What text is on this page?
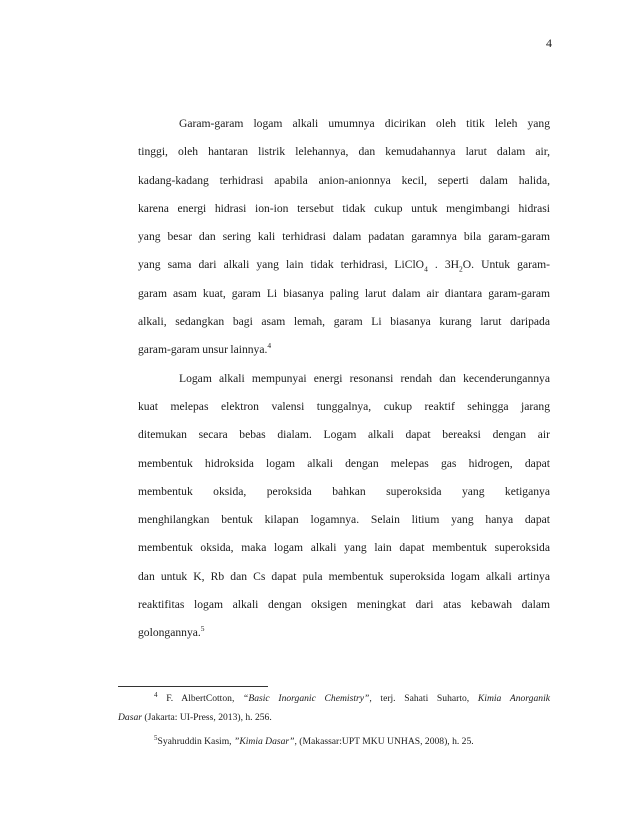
4
Garam-garam logam alkali umumnya dicirikan oleh titik leleh yang
tinggi, oleh hantaran listrik lelehannya, dan kemudahannya larut dalam air,
kadang-kadang terhidrasi apabila anion-anionnya kecil, seperti dalam halida,
karena energi hidrasi ion-ion tersebut tidak cukup untuk mengimbangi hidrasi
yang besar dan sering kali terhidrasi dalam padatan garamnya bila garam-garam
yang sama dari alkali yang lain tidak terhidrasi, LiClO$_4$ . $3H_2O$. Untuk garam-
garam asam kuat, garam Li biasanya paling larut dalam air diantara garam-garam
alkali, sedangkan bagi asam lemah, garam Li biasanya kurang larut daripada
garam-garam unsur lainnya.$^4$
Logam alkali mempunyai energi resonansi rendah dan kecenderungannya
kuat melepas elektron valensi tunggalnya, cukup reaktif sehingga jarang
ditemukan secara bebas dialam. Logam alkali dapat bereaksi dengan air
membentuk hidroksida logam alkali dengan melepas gas hidrogen, dapat
membentuk oksida, peroksida bahkan superoksida yang ketiganya
menghilangkan bentuk kilapan logamnya. Selain litium yang hanya dapat
membentuk oksida, maka logam alkali yang lain dapat membentuk superoksida
dan untuk K, Rb dan Cs dapat pula membentuk superoksida logam alkali artinya
reaktifitas logam alkali dengan oksigen meningkat dari atas kebawah dalam
golongannya.$^5$
$^4$ F. AlbertCotton, “Basic Inorganic Chemistry”, terj. Sahati Suharto, Kimia Anorganik
Dasar (Jakarta: UI-Press, 2013), h. 256.
$^5$Syahruddin Kasim, ”Kimia Dasar”, (Makassar:UPT MKU UNHAS, 2008), h. 25.
